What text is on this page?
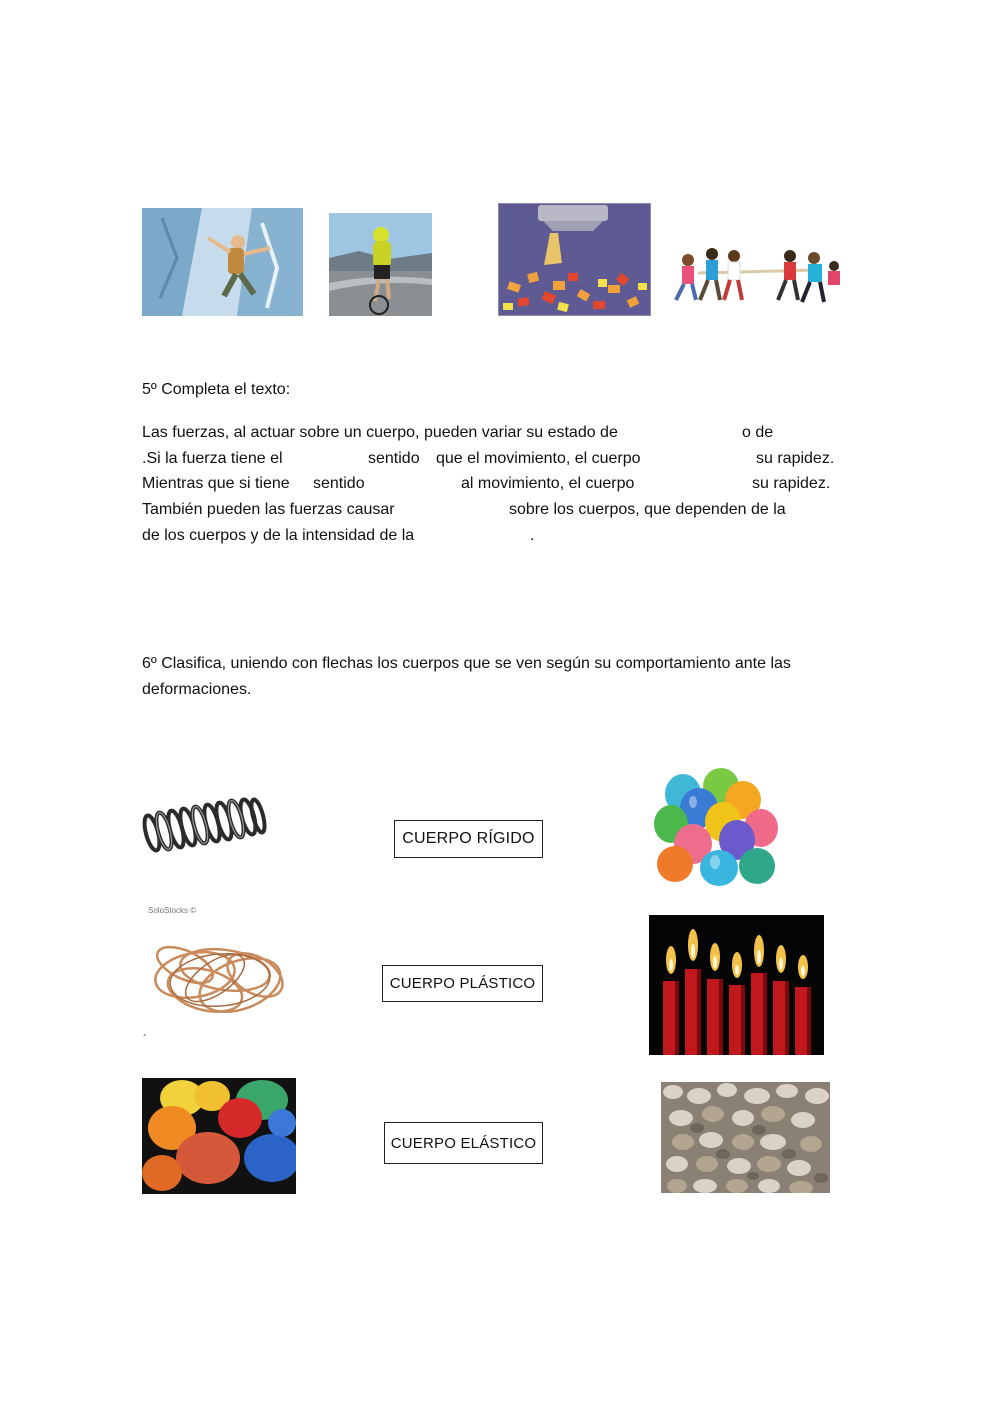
5º Completa el texto:
Las fuerzas, al actuar sobre un cuerpo, pueden variar su estado de	o de
.Si la fuerza tiene el	sentido que el movimiento, el cuerpo	su rapidez.
Mientras que si tiene sentido	al movimiento, el cuerpo	su rapidez.
También pueden las fuerzas causar	sobre los cuerpos, que dependen de la
de los cuerpos y de la intensidad de la	.
6º Clasifica, uniendo con flechas los cuerpos que se ven según su comportamiento ante las
deformaciones.
SoloStocks ©
´
CUERPO RÍGIDO
CUERPO PLÁSTICO
CUERPO ELÁSTICO
